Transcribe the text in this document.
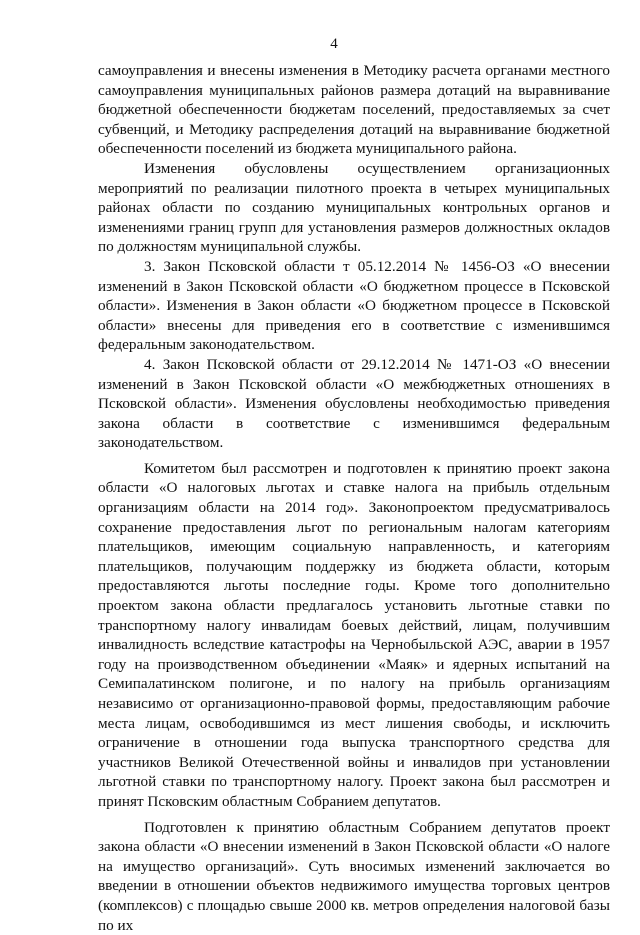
4

самоуправления и внесены изменения в Методику расчета органами местного самоуправления муниципальных районов размера дотаций на выравнивание бюджетной обеспеченности бюджетам поселений, предоставляемых за счет субвенций, и Методику распределения дотаций на выравнивание бюджетной обеспеченности поселений из бюджета муниципального района.

Изменения обусловлены осуществлением организационных мероприятий по реализации пилотного проекта в четырех муниципальных районах области по созданию муниципальных контрольных органов и изменениями границ групп для установления размеров должностных окладов по должностям муниципальной службы.

3. Закон Псковской области т 05.12.2014 № 1456-ОЗ «О внесении изменений в Закон Псковской области «О бюджетном процессе в Псковской области». Изменения в Закон области «О бюджетном процессе в Псковской области» внесены для приведения его в соответствие с изменившимся федеральным законодательством.

4. Закон Псковской области от 29.12.2014 № 1471-ОЗ «О внесении изменений в Закон Псковской области «О межбюджетных отношениях в Псковской области». Изменения обусловлены необходимостью приведения закона области в соответствие с изменившимся федеральным законодательством.

Комитетом был рассмотрен и подготовлен к принятию проект закона области «О налоговых льготах и ставке налога на прибыль отдельным организациям области на 2014 год». Законопроектом предусматривалось сохранение предоставления льгот по региональным налогам категориям плательщиков, имеющим социальную направленность, и категориям плательщиков, получающим поддержку из бюджета области, которым предоставляются льготы последние годы. Кроме того дополнительно проектом закона области предлагалось установить льготные ставки по транспортному налогу инвалидам боевых действий, лицам, получившим инвалидность вследствие катастрофы на Чернобыльской АЭС, аварии в 1957 году на производственном объединении «Маяк» и ядерных испытаний на Семипалатинском полигоне, и по налогу на прибыль организациям независимо от организационно-правовой формы, предоставляющим рабочие места лицам, освободившимся из мест лишения свободы, и исключить ограничение в отношении года выпуска транспортного средства для участников Великой Отечественной войны и инвалидов при установлении льготной ставки по транспортному налогу. Проект закона был рассмотрен и принят Псковским областным Собранием депутатов.

Подготовлен к принятию областным Собранием депутатов проект закона области «О внесении изменений в Закон Псковской области «О налоге на имущество организаций». Суть вносимых изменений заключается во введении в отношении объектов недвижимого имущества торговых центров (комплексов) с площадью свыше 2000 кв. метров определения налоговой базы по их
